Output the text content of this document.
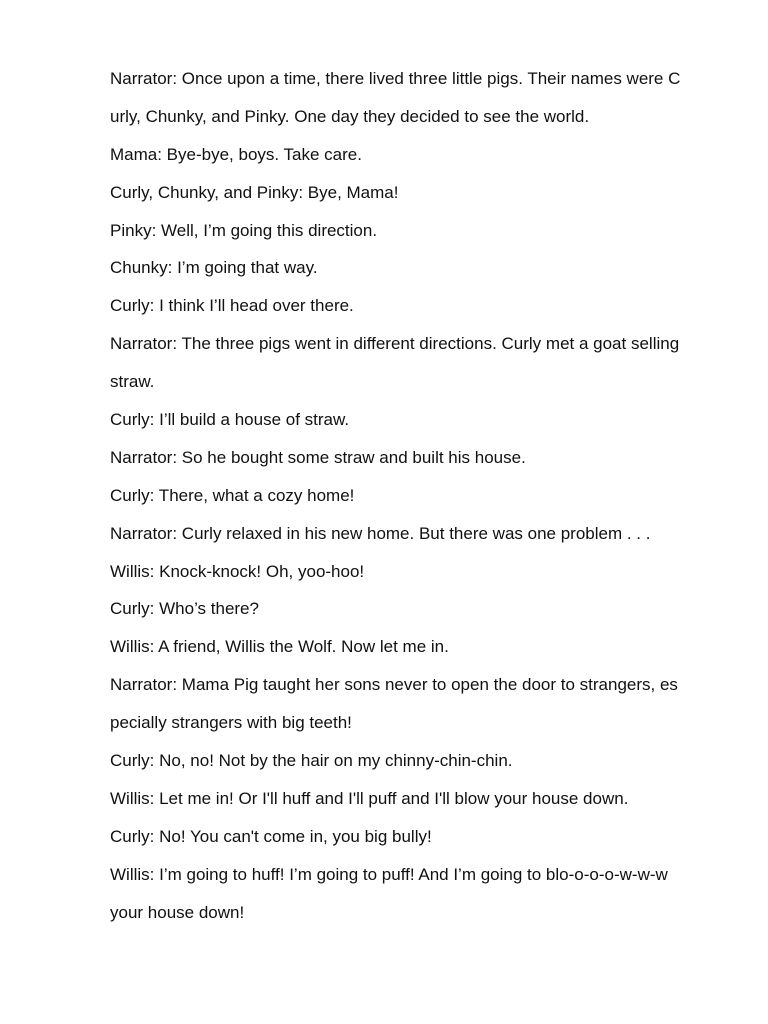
Narrator: Once upon a time, there lived three little pigs. Their names were C
urly, Chunky, and Pinky. One day they decided to see the world.
Mama: Bye-bye, boys. Take care.
Curly, Chunky, and Pinky: Bye, Mama!
Pinky: Well, I’m going this direction.
Chunky: I’m going that way.
Curly: I think I’ll head over there.
Narrator: The three pigs went in different directions. Curly met a goat selling
straw.
Curly: I’ll build a house of straw.
Narrator: So he bought some straw and built his house.
Curly: There, what a cozy home!
Narrator: Curly relaxed in his new home. But there was one problem . . .
Willis: Knock-knock! Oh, yoo-hoo!
Curly: Who’s there?
Willis: A friend, Willis the Wolf. Now let me in.
Narrator: Mama Pig taught her sons never to open the door to strangers, es
pecially strangers with big teeth!
Curly: No, no! Not by the hair on my chinny-chin-chin.
Willis: Let me in! Or I'll huff and I'll puff and I'll blow your house down.
Curly: No! You can't come in, you big bully!
Willis: I’m going to huff! I’m going to puff! And I’m going to blo-o-o-o-w-w-w
your house down!
